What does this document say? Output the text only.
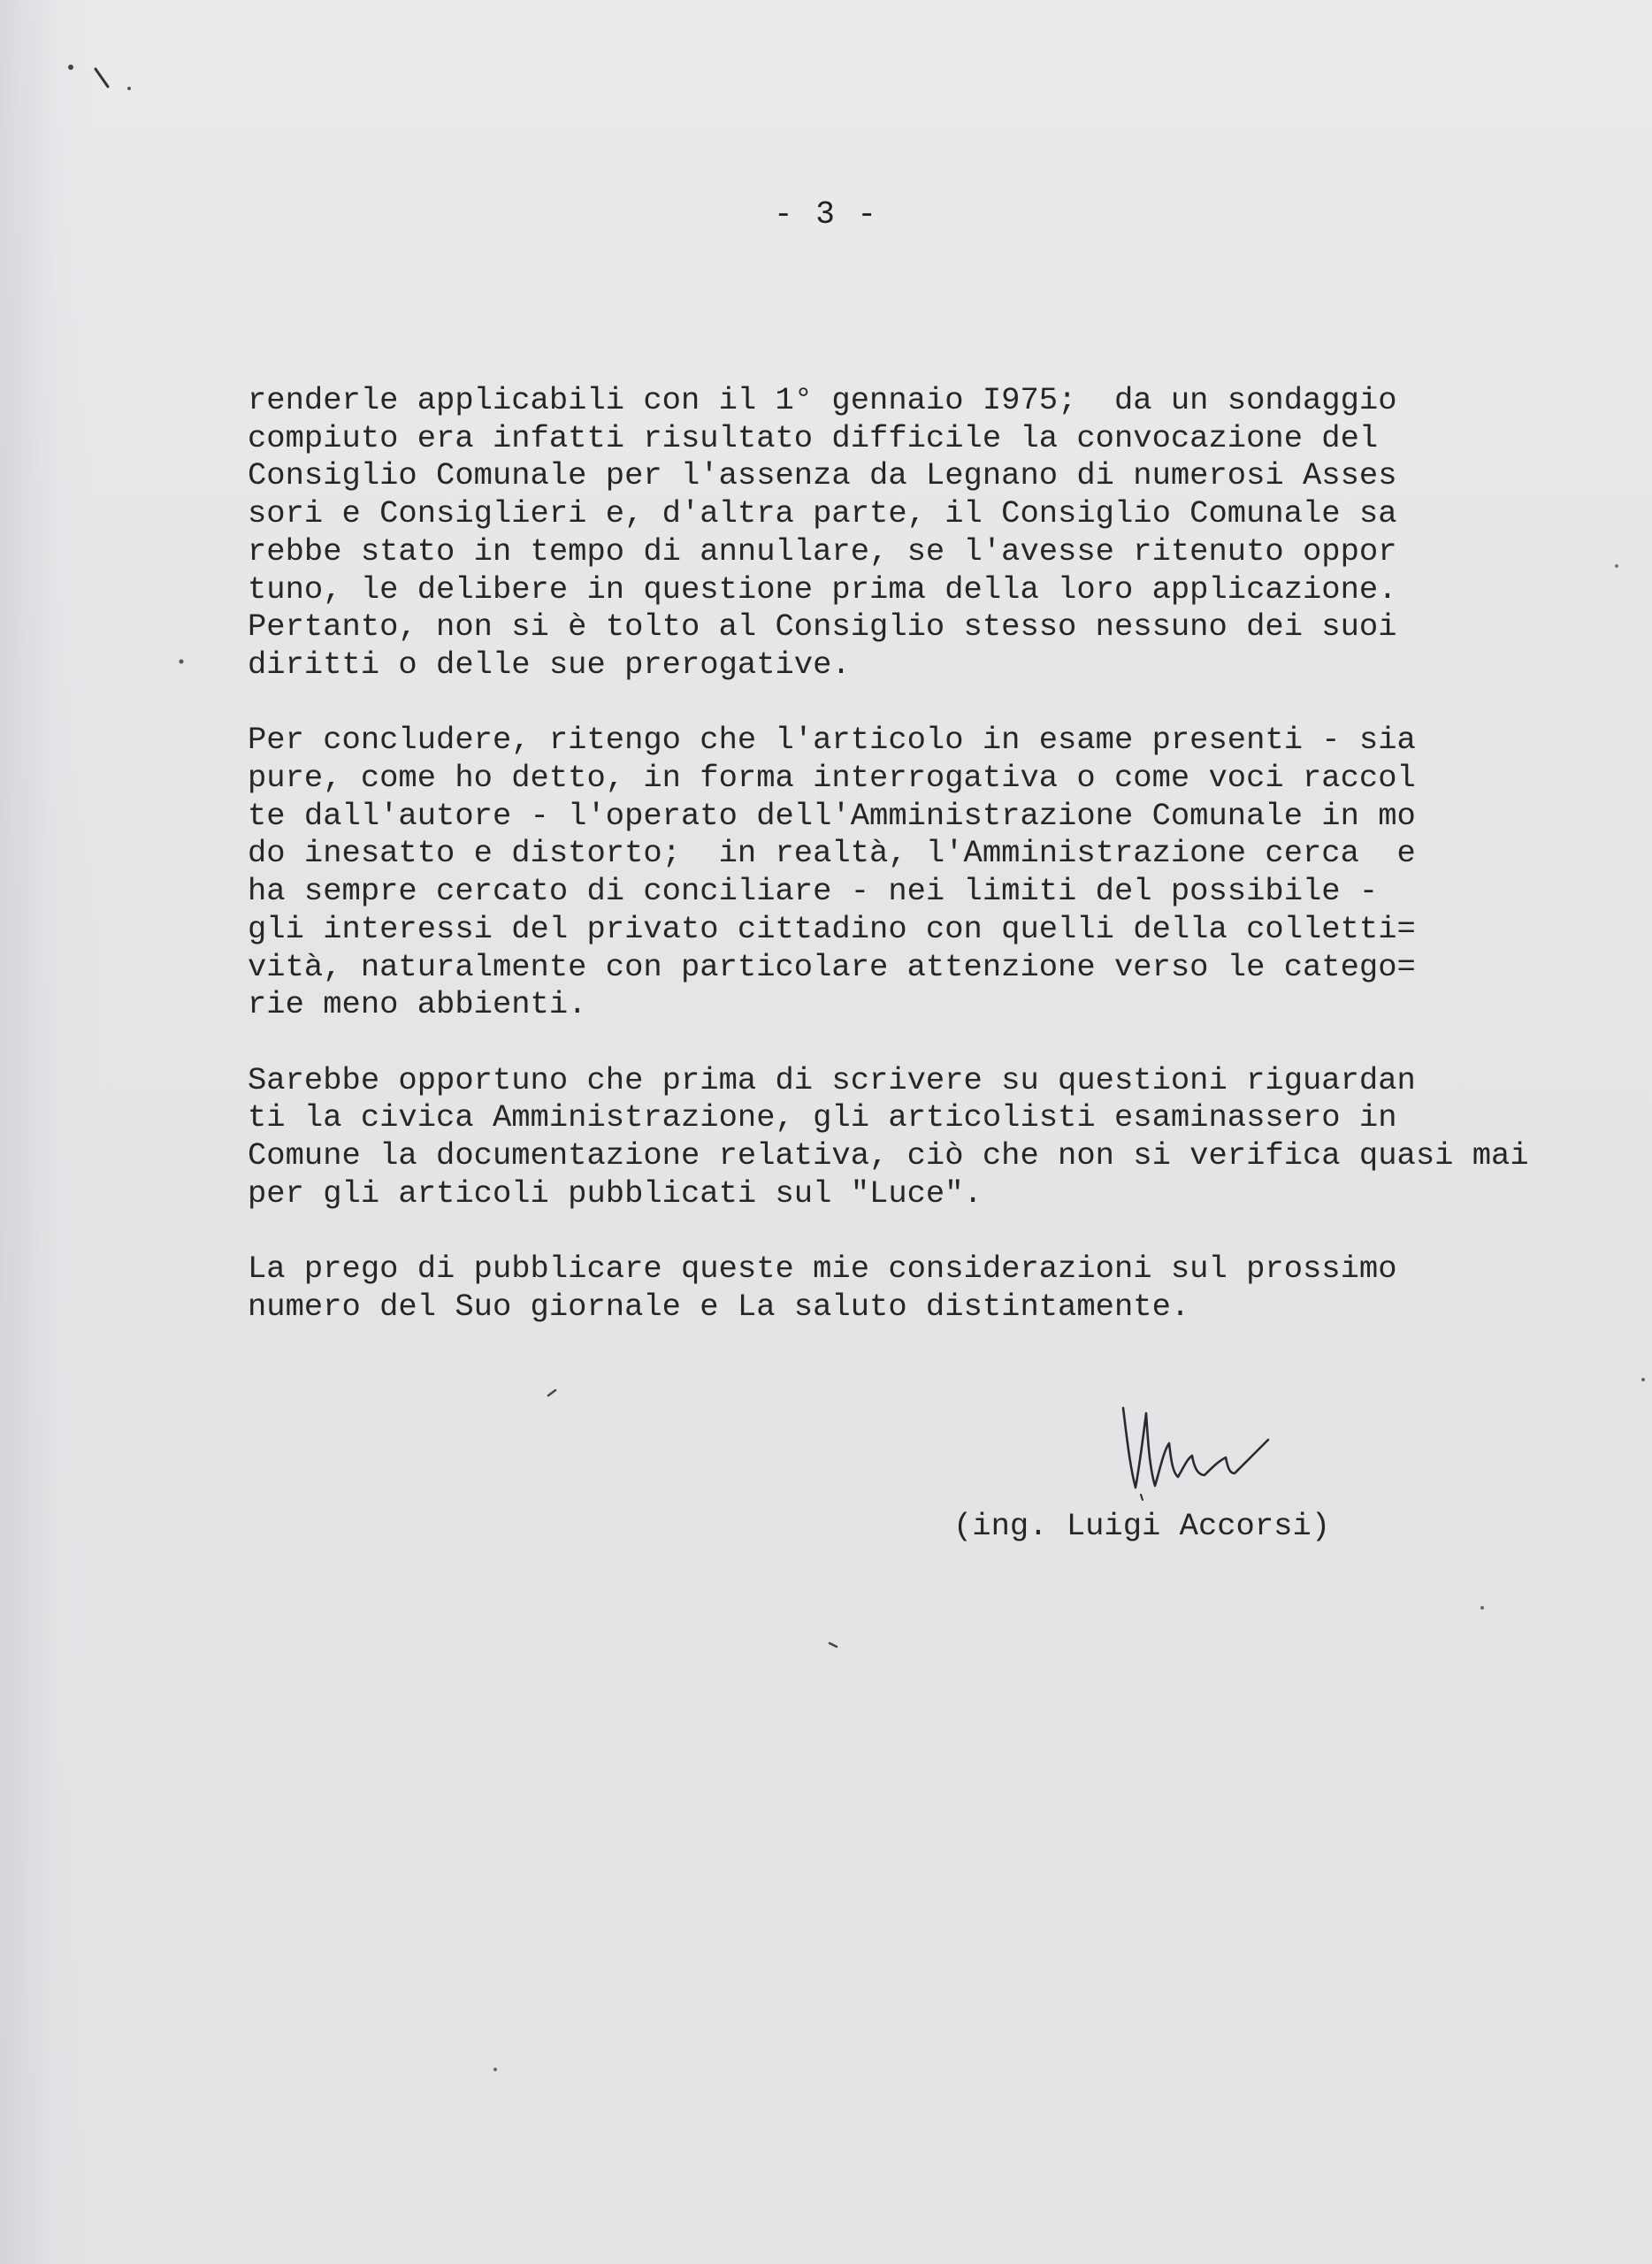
- 3 -
renderle applicabili con il 1° gennaio I975;  da un sondaggio
compiuto era infatti risultato difficile la convocazione del
Consiglio Comunale per l'assenza da Legnano di numerosi Asses
sori e Consiglieri e, d'altra parte, il Consiglio Comunale sa
rebbe stato in tempo di annullare, se l'avesse ritenuto oppor
tuno, le delibere in questione prima della loro applicazione.
Pertanto, non si è tolto al Consiglio stesso nessuno dei suoi
diritti o delle sue prerogative.
Per concludere, ritengo che l'articolo in esame presenti - sia
pure, come ho detto, in forma interrogativa o come voci raccol
te dall'autore - l'operato dell'Amministrazione Comunale in mo
do inesatto e distorto;  in realtà, l'Amministrazione cerca  e
ha sempre cercato di conciliare - nei limiti del possibile -
gli interessi del privato cittadino con quelli della colletti=
vità, naturalmente con particolare attenzione verso le catego=
rie meno abbienti.
Sarebbe opportuno che prima di scrivere su questioni riguardan
ti la civica Amministrazione, gli articolisti esaminassero in
Comune la documentazione relativa, ciò che non si verifica quasi mai
per gli articoli pubblicati sul "Luce".
La prego di pubblicare queste mie considerazioni sul prossimo
numero del Suo giornale e La saluto distintamente.
(ing. Luigi Accorsi)
